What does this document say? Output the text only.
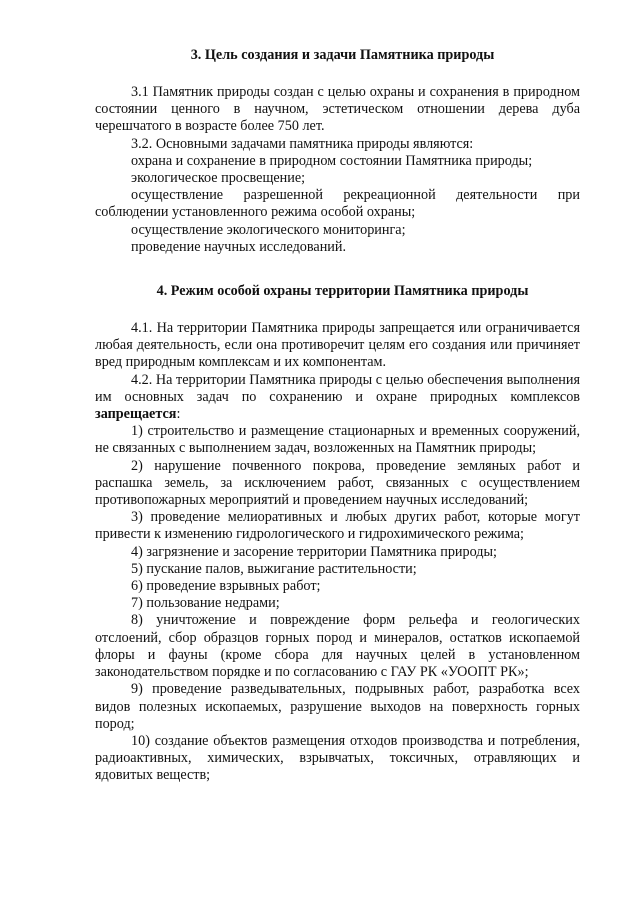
3. Цель создания и задачи Памятника природы

3.1 Памятник природы создан с целью охраны и сохранения в природном состоянии ценного в научном, эстетическом отношении дерева дуба черешчатого в возрасте более 750 лет.

3.2. Основными задачами памятника природы являются:

охрана и сохранение в природном состоянии Памятника природы;

экологическое просвещение;

осуществление разрешенной рекреационной деятельности при соблюдении установленного режима особой охраны;

осуществление экологического мониторинга;

проведение научных исследований.

4. Режим особой охраны территории Памятника природы

4.1. На территории Памятника природы запрещается или ограничивается любая деятельность, если она противоречит целям его создания или причиняет вред природным комплексам и их компонентам.

4.2. На территории Памятника природы с целью обеспечения выполнения им основных задач по сохранению и охране природных комплексов запрещается:

1) строительство и размещение стационарных и временных сооружений, не связанных с выполнением задач, возложенных на Памятник природы;

2) нарушение почвенного покрова, проведение земляных работ и распашка земель, за исключением работ, связанных с осуществлением противопожарных мероприятий и проведением научных исследований;

3) проведение мелиоративных и любых других работ, которые могут привести к изменению гидрологического и гидрохимического режима;

4) загрязнение и засорение территории Памятника природы;

5) пускание палов, выжигание растительности;

6) проведение взрывных работ;

7) пользование недрами;

8) уничтожение и повреждение форм рельефа и геологических отслоений, сбор образцов горных пород и минералов, остатков ископаемой флоры и фауны (кроме сбора для научных целей в установленном законодательством порядке и по согласованию с ГАУ РК «УООПТ РК»;

9) проведение разведывательных, подрывных работ, разработка всех видов полезных ископаемых, разрушение выходов на поверхность горных пород;

10) создание объектов размещения отходов производства и потребления, радиоактивных, химических, взрывчатых, токсичных, отравляющих и ядовитых веществ;
